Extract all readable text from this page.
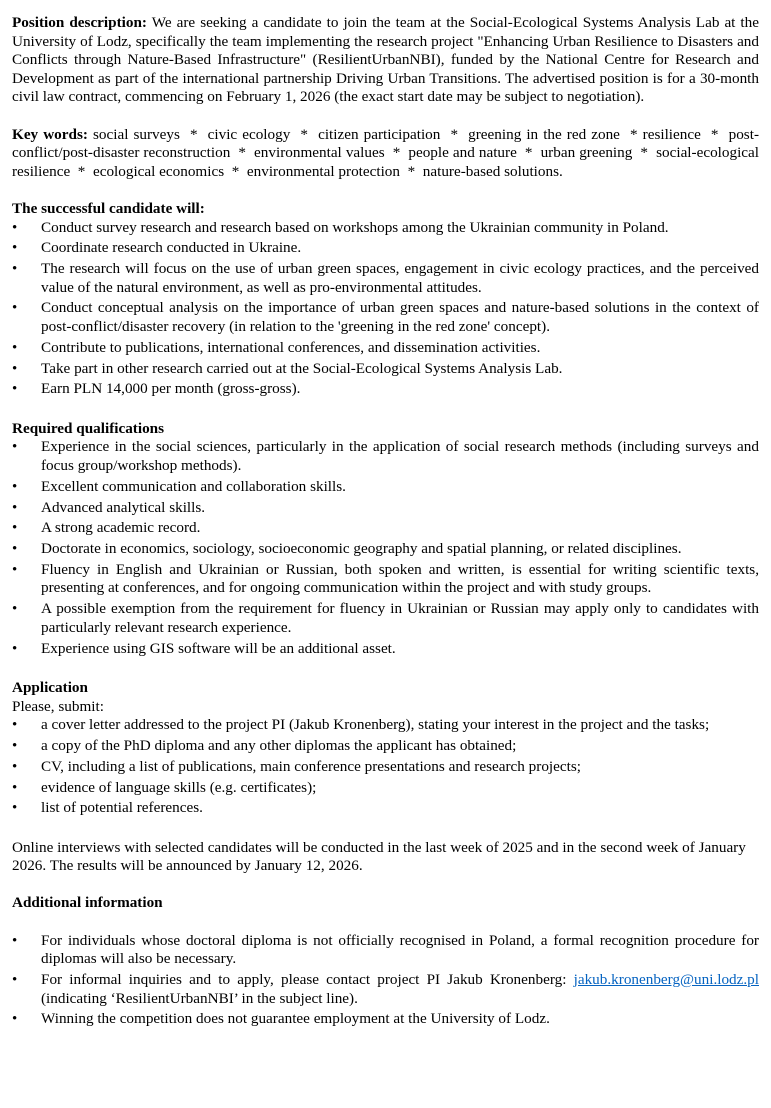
Position description: We are seeking a candidate to join the team at the Social-Ecological Systems Analysis Lab at the University of Lodz, specifically the team implementing the research project "Enhancing Urban Resilience to Disasters and Conflicts through Nature-Based Infrastructure" (ResilientUrbanNBI), funded by the National Centre for Research and Development as part of the international partnership Driving Urban Transitions. The advertised position is for a 30-month civil law contract, commencing on February 1, 2026 (the exact start date may be subject to negotiation).

Key words: social surveys  *  civic ecology  *  citizen participation  *  greening in the red zone  * resilience  *  post-conflict/post-disaster reconstruction  *  environmental values  *  people and nature  *  urban greening  *  social-ecological resilience  *  ecological economics  *  environmental protection  *  nature-based solutions.

The successful candidate will:

•	Conduct survey research and research based on workshops among the Ukrainian community in Poland.
•	Coordinate research conducted in Ukraine.
•	The research will focus on the use of urban green spaces, engagement in civic ecology practices, and the perceived value of the natural environment, as well as pro-environmental attitudes.
•	Conduct conceptual analysis on the importance of urban green spaces and nature-based solutions in the context of post-conflict/disaster recovery (in relation to the 'greening in the red zone' concept).
•	Contribute to publications, international conferences, and dissemination activities.
•	Take part in other research carried out at the Social-Ecological Systems Analysis Lab.
•	Earn PLN 14,000 per month (gross-gross).

Required qualifications

•	Experience in the social sciences, particularly in the application of social research methods (including surveys and focus group/workshop methods).
•	Excellent communication and collaboration skills.
•	Advanced analytical skills.
•	A strong academic record.
•	Doctorate in economics, sociology, socioeconomic geography and spatial planning, or related disciplines.
•	Fluency in English and Ukrainian or Russian, both spoken and written, is essential for writing scientific texts, presenting at conferences, and for ongoing communication within the project and with study groups.
•	A possible exemption from the requirement for fluency in Ukrainian or Russian may apply only to candidates with particularly relevant research experience.
•	Experience using GIS software will be an additional asset.

Application

Please, submit:

•	a cover letter addressed to the project PI (Jakub Kronenberg), stating your interest in the project and the tasks;
•	a copy of the PhD diploma and any other diplomas the applicant has obtained;
•	CV, including a list of publications, main conference presentations and research projects;
•	evidence of language skills (e.g. certificates);
•	list of potential references.

Online interviews with selected candidates will be conducted in the last week of 2025 and in the second week of January 2026. The results will be announced by January 12, 2026.

Additional information

•	For individuals whose doctoral diploma is not officially recognised in Poland, a formal recognition procedure for diplomas will also be necessary.
•	For informal inquiries and to apply, please contact project PI Jakub Kronenberg: jakub.kronenberg@uni.lodz.pl (indicating ‘ResilientUrbanNBI’ in the subject line).
•	Winning the competition does not guarantee employment at the University of Lodz.
